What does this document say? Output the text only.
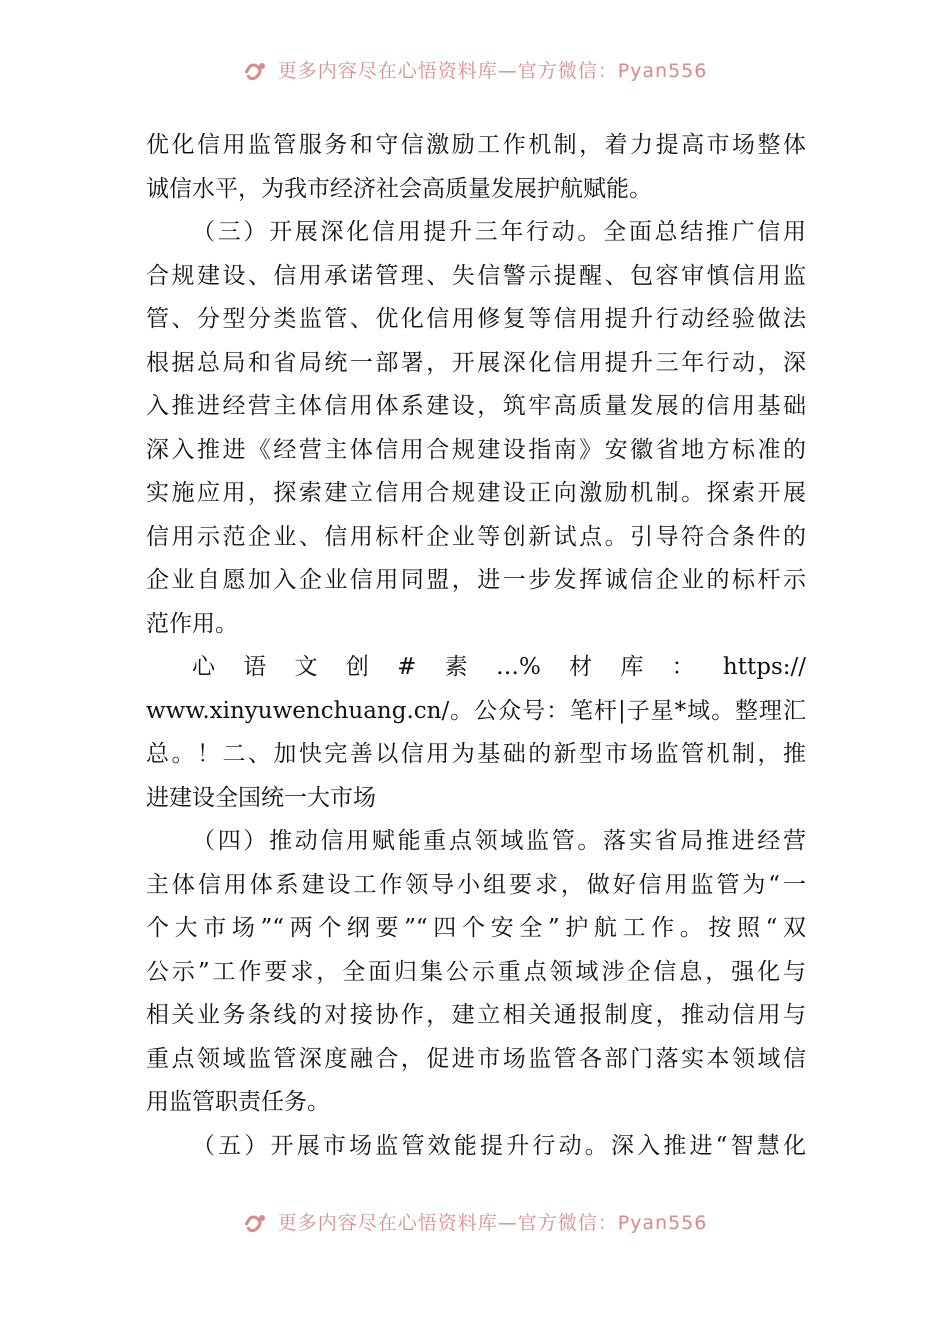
更多内容尽在心悟资料库—官方微信：Pyan556
优化信用监管服务和守信激励工作机制，着力提高市场整体
诚信水平，为我市经济社会高质量发展护航赋能。
（三）开展深化信用提升三年行动。全面总结推广信用
合规建设、信用承诺管理、失信警示提醒、包容审慎信用监
管、分型分类监管、优化信用修复等信用提升行动经验做法
根据总局和省局统一部署，开展深化信用提升三年行动，深
入推进经营主体信用体系建设，筑牢高质量发展的信用基础
深入推进《经营主体信用合规建设指南》安徽省地方标准的
实施应用，探索建立信用合规建设正向激励机制。探索开展
信用示范企业、信用标杆企业等创新试点。引导符合条件的
企业自愿加入企业信用同盟，进一步发挥诚信企业的标杆示
范作用。
心语文创#素…%材库：https://
www.xinyuwenchuang.cn/。公众号：笔杆|子星*域。整理汇
总。！二、加快完善以信用为基础的新型市场监管机制，推
进建设全国统一大市场
（四）推动信用赋能重点领域监管。落实省局推进经营
主体信用体系建设工作领导小组要求，做好信用监管为“一
个大市场”“两个纲要”“四个安全”护航工作。按照“双
公示”工作要求，全面归集公示重点领域涉企信息，强化与
相关业务条线的对接协作，建立相关通报制度，推动信用与
重点领域监管深度融合，促进市场监管各部门落实本领域信
用监管职责任务。
（五）开展市场监管效能提升行动。深入推进“智慧化
更多内容尽在心悟资料库—官方微信：Pyan556
